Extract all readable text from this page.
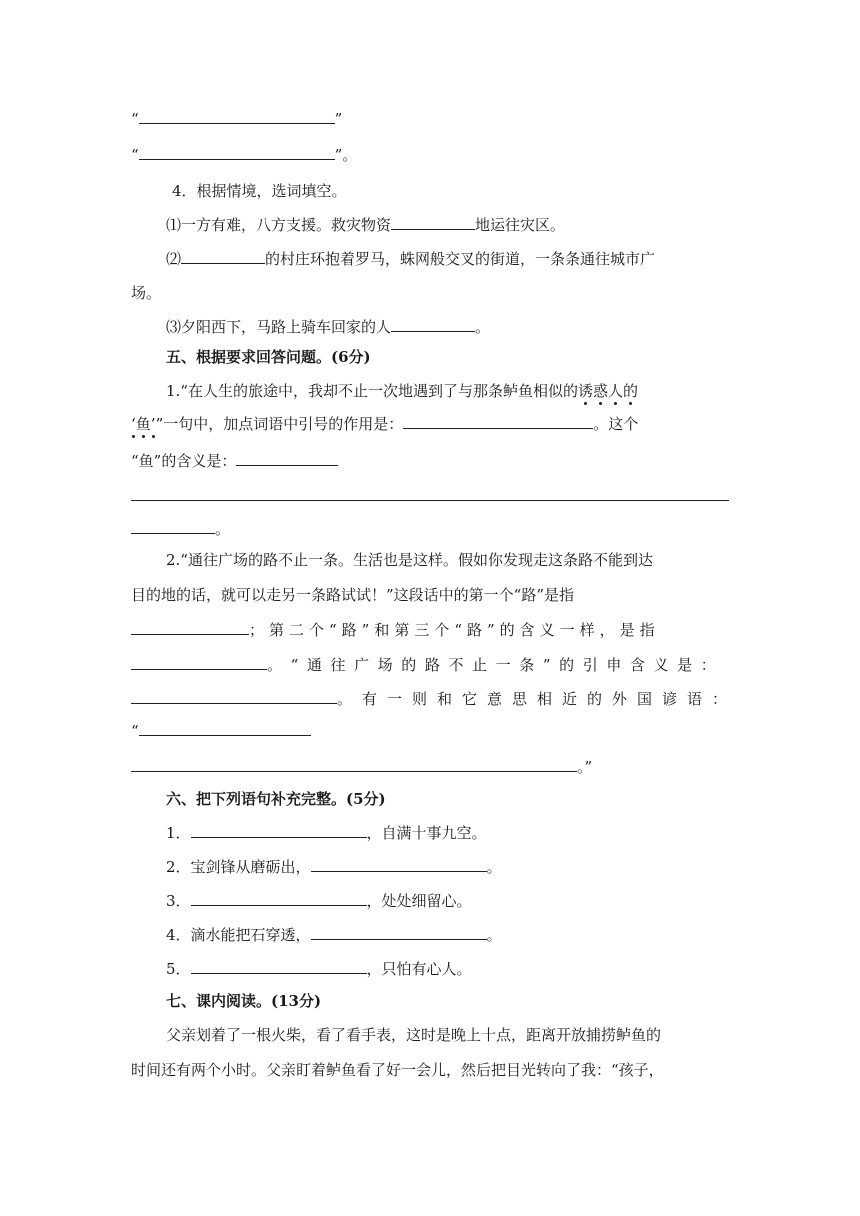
“	”
“	”。
4．根据情境，选词填空。
⑴一方有难，八方支援。救灾物资	地运往灾区。
⑵	的村庄环抱着罗马，蛛网般交叉的街道，一条条通往城市广
场。
⑶夕阳西下，马路上骑车回家的人	。
五、根据要求回答问题。(6分)
1.“在人生的旅途中，我却不止一次地遇到了与那条鲈鱼相似的诱惑人的
‘鱼’”一句中，加点词语中引号的作用是：	。这个
“鱼”的含义是：
。
2.“通往广场的路不止一条。生活也是这样。假如你发现走这条路不能到达
目的地的话，就可以走另一条路试试！”这段话中的第一个“路”是指
；第二个“路”和第三个“路”的含义一样，是指
。“通往广场的路不止一条”的引申含义是：
。有一则和它意思相近的外国谚语：
“
。”
六、把下列语句补充完整。(5分)
1．	，自满十事九空。
2．宝剑锋从磨砺出，	。
3．	，处处细留心。
4．滴水能把石穿透，	。
5．	，只怕有心人。
七、课内阅读。(13分)
父亲划着了一根火柴，看了看手表，这时是晚上十点，距离开放捕捞鲈鱼的
时间还有两个小时。父亲盯着鲈鱼看了好一会儿，然后把目光转向了我：“孩子，
